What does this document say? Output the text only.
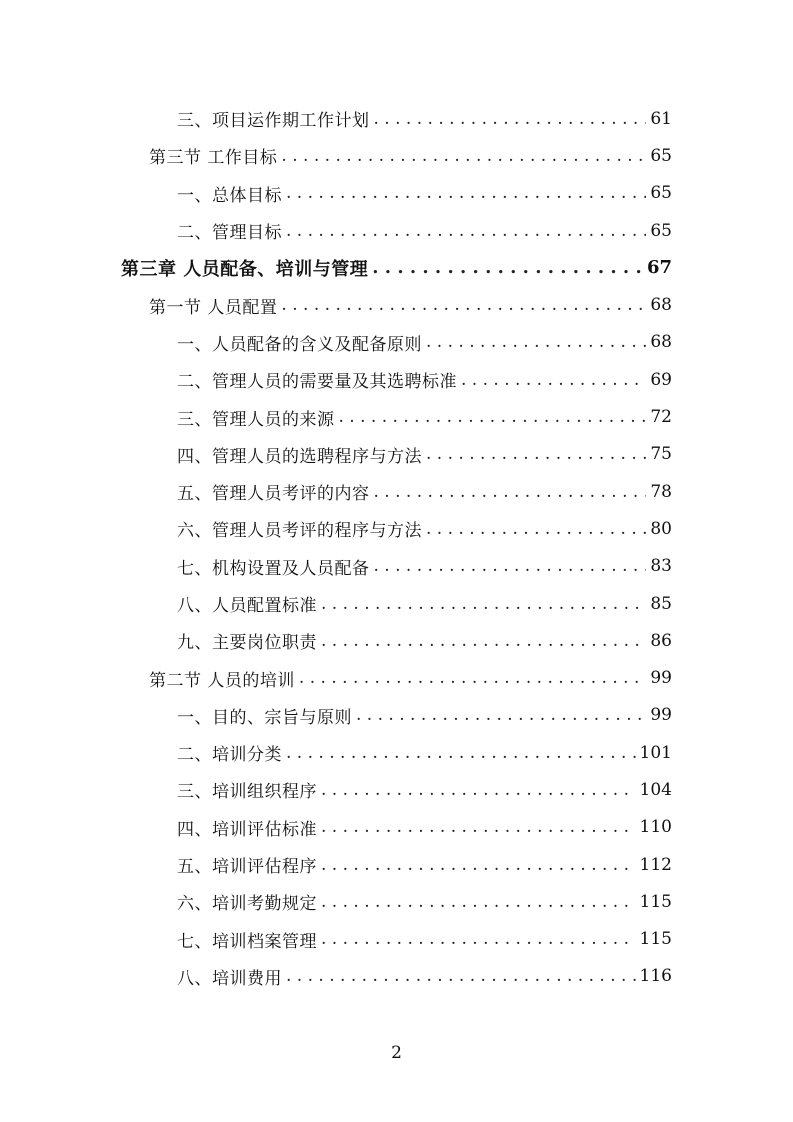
三、项目运作期工作计划 . . .	61
第三节 工作目标 . . .	65
一、总体目标 . . .	65
二、管理目标 . . .	65
第三章 人员配备、培训与管理 . . .	67
第一节 人员配置 . . .	68
一、人员配备的含义及配备原则 . . .	68
二、管理人员的需要量及其选聘标准 . . .	69
三、管理人员的来源 . . .	72
四、管理人员的选聘程序与方法 . . .	75
五、管理人员考评的内容 . . .	78
六、管理人员考评的程序与方法 . . .	80
七、机构设置及人员配备 . . .	83
八、人员配置标准 . . .	85
九、主要岗位职责 . . .	86
第二节 人员的培训 . . .	99
一、目的、宗旨与原则 . . .	99
二、培训分类 . . .	101
三、培训组织程序 . . .	104
四、培训评估标准 . . .	110
五、培训评估程序 . . .	112
六、培训考勤规定 . . .	115
七、培训档案管理 . . .	115
八、培训费用 . . .	116
2
